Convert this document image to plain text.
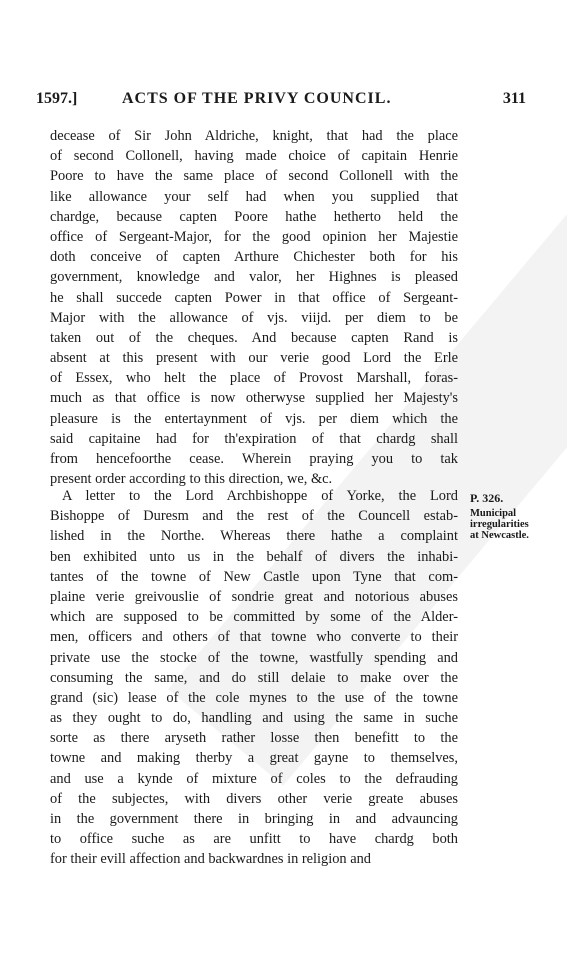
1597.]	ACTS OF THE PRIVY COUNCIL.	311
decease of Sir John Aldriche, knight, that had the place
of second Collonell, having made choice of capitain Henrie
Poore to have the same place of second Collonell with the
like allowance your self had when you supplied that
chardge, because capten Poore hathe hetherto held the
office of Sergeant-Major, for the good opinion her Majestie
doth conceive of capten Arthure Chichester both for his
government, knowledge and valor, her Highnes is pleased
he shall succede capten Power in that office of Sergeant-
Major with the allowance of vjs. viijd. per diem to be
taken out of the cheques. And because capten Rand is
absent at this present with our verie good Lord the Erle
of Essex, who helt the place of Provost Marshall, foras-
much as that office is now otherwyse supplied her Majesty's
pleasure is the entertaynment of vjs. per diem which the
said capitaine had for th'expiration of that chardg shall
from hencefoorthe cease. Wherein praying you to tak
present order according to this direction, we, &c.
A letter to the Lord Archbishoppe of Yorke, the Lord
Bishoppe of Duresm and the rest of the Councell estab-
lished in the Northe. Whereas there hathe a complaint
ben exhibited unto us in the behalf of divers the inhabi-
tantes of the towne of New Castle upon Tyne that com-
plaine verie greivouslie of sondrie great and notorious abuses
which are supposed to be committed by some of the Alder-
men, officers and others of that towne who converte to their
private use the stocke of the towne, wastfully spending and
consuming the same, and do still delaie to make over the
grand (sic) lease of the cole mynes to the use of the towne
as they ought to do, handling and using the same in suche
sorte as there aryseth rather losse then benefitt to the
towne and making therby a great gayne to themselves,
and use a kynde of mixture of coles to the defrauding
of the subjectes, with divers other verie greate abuses
in the government there in bringing in and advauncing
to office suche as are unfitt to have chardg both
for their evill affection and backwardnes in religion and
P. 326.
Municipal
irregularities
at Newcastle.
